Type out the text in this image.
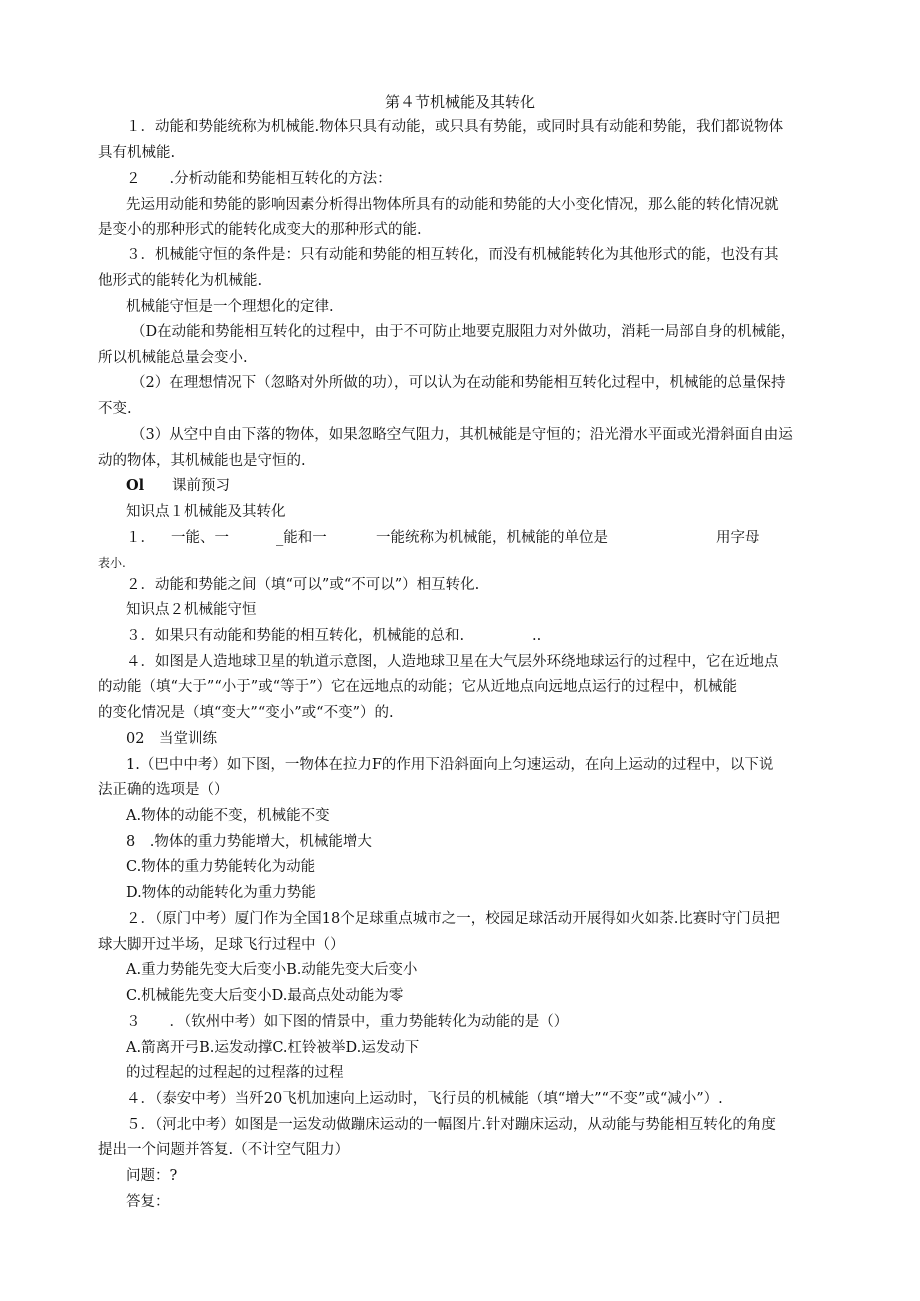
第４节机械能及其转化
１．动能和势能统称为机械能.物体只具有动能，或只具有势能，或同时具有动能和势能，我们都说物体
具有机械能.
２　　.分析动能和势能相互转化的方法：
先运用动能和势能的影响因素分析得出物体所具有的动能和势能的大小变化情况，那么能的转化情况就
是变小的那种形式的能转化成变大的那种形式的能.
３．机械能守恒的条件是：只有动能和势能的相互转化，而没有机械能转化为其他形式的能，也没有其
他形式的能转化为机械能.
机械能守恒是一个理想化的定律.
（D在动能和势能相互转化的过程中，由于不可防止地要克服阻力对外做功，消耗一局部自身的机械能，
所以机械能总量会变小.
（2）在理想情况下（忽略对外所做的功），可以认为在动能和势能相互转化过程中，机械能的总量保持
不变.
（3）从空中自由下落的物体，如果忽略空气阻力，其机械能是守恒的；沿光滑水平面或光滑斜面自由运
动的物体，其机械能也是守恒的.
Ol 课前预习
知识点１机械能及其转化
１． 一能、一	_能和一	一能统称为机械能，机械能的单位是	用字母
表小.
２．动能和势能之间（填“可以”或“不可以”）相互转化.
知识点２机械能守恒
３．如果只有动能和势能的相互转化，机械能的总和.	..
４．如图是人造地球卫星的轨道示意图，人造地球卫星在大气层外环绕地球运行的过程中，它在近地点
的动能（填“大于”“小于”或“等于”）它在远地点的动能；它从近地点向远地点运行的过程中，机械能
的变化情况是（填“变大”“变小”或“不变”）的.
02　当堂训练
1.（巴中中考）如下图，一物体在拉力F的作用下沿斜面向上匀速运动，在向上运动的过程中，以下说
法正确的选项是（）
A.物体的动能不变，机械能不变
8　.物体的重力势能增大，机械能增大
C.物体的重力势能转化为动能
D.物体的动能转化为重力势能
２．（原门中考）厦门作为全国18个足球重点城市之一，校园足球活动开展得如火如荼.比赛时守门员把
球大脚开过半场，足球飞行过程中（）
A.重力势能先变大后变小B.动能先变大后变小
C.机械能先变大后变小D.最高点处动能为零
３　　．（钦州中考）如下图的情景中，重力势能转化为动能的是（）
A.箭离开弓B.运发动撑C.杠铃被举D.运发动下
的过程起的过程起的过程落的过程
４．（泰安中考）当歼20飞机加速向上运动时，飞行员的机械能（填“增大”“不变”或“减小”）.
５．（河北中考）如图是一运发动做蹦床运动的一幅图片.针对蹦床运动，从动能与势能相互转化的角度
提出一个问题并答复.（不计空气阻力）
问题：?
答复：
